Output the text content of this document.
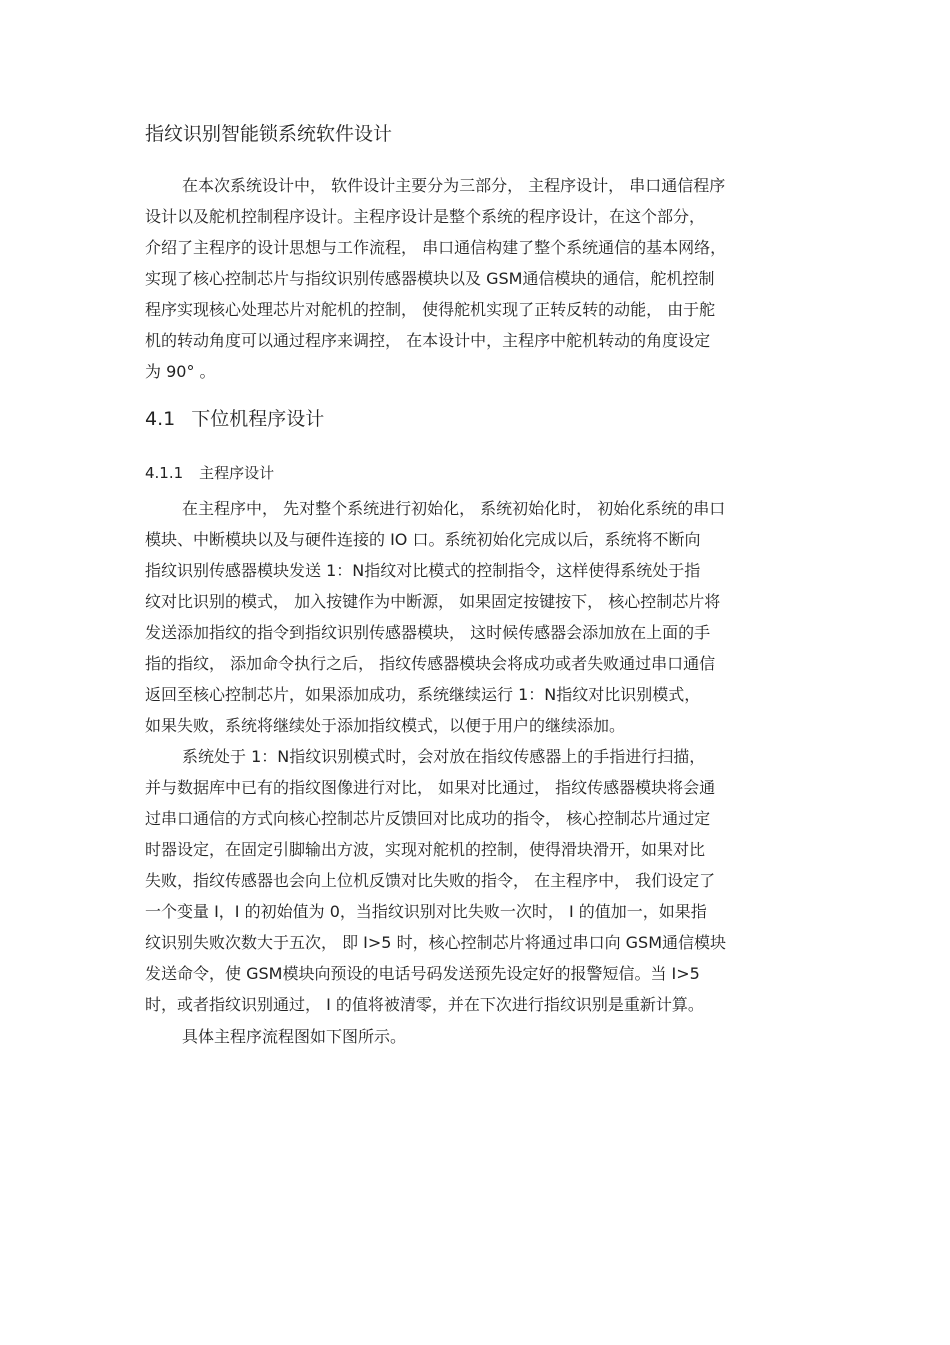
指纹识别智能锁系统软件设计
在本次系统设计中， 软件设计主要分为三部分， 主程序设计， 串口通信程序
设计以及舵机控制程序设计。主程序设计是整个系统的程序设计，在这个部分，
介绍了主程序的设计思想与工作流程， 串口通信构建了整个系统通信的基本网络，
实现了核心控制芯片与指纹识别传感器模块以及 GSM通信模块的通信，舵机控制
程序实现核心处理芯片对舵机的控制， 使得舵机实现了正转反转的动能， 由于舵
机的转动角度可以通过程序来调控， 在本设计中，主程序中舵机转动的角度设定
为 90° 。
4.1 下位机程序设计
4.1.1 主程序设计
在主程序中， 先对整个系统进行初始化， 系统初始化时， 初始化系统的串口
模块、中断模块以及与硬件连接的 IO 口。系统初始化完成以后，系统将不断向
指纹识别传感器模块发送 1：N指纹对比模式的控制指令，这样使得系统处于指
纹对比识别的模式， 加入按键作为中断源， 如果固定按键按下， 核心控制芯片将
发送添加指纹的指令到指纹识别传感器模块， 这时候传感器会添加放在上面的手
指的指纹， 添加命令执行之后， 指纹传感器模块会将成功或者失败通过串口通信
返回至核心控制芯片，如果添加成功，系统继续运行 1：N指纹对比识别模式，
如果失败，系统将继续处于添加指纹模式，以便于用户的继续添加。
系统处于 1：N指纹识别模式时，会对放在指纹传感器上的手指进行扫描，
并与数据库中已有的指纹图像进行对比， 如果对比通过， 指纹传感器模块将会通
过串口通信的方式向核心控制芯片反馈回对比成功的指令， 核心控制芯片通过定
时器设定，在固定引脚输出方波，实现对舵机的控制，使得滑块滑开，如果对比
失败，指纹传感器也会向上位机反馈对比失败的指令， 在主程序中， 我们设定了
一个变量 I，I 的初始值为 0，当指纹识别对比失败一次时， I 的值加一，如果指
纹识别失败次数大于五次， 即 I>5 时，核心控制芯片将通过串口向 GSM通信模块
发送命令，使 GSM模块向预设的电话号码发送预先设定好的报警短信。当 I>5
时，或者指纹识别通过， I 的值将被清零，并在下次进行指纹识别是重新计算。
具体主程序流程图如下图所示。
